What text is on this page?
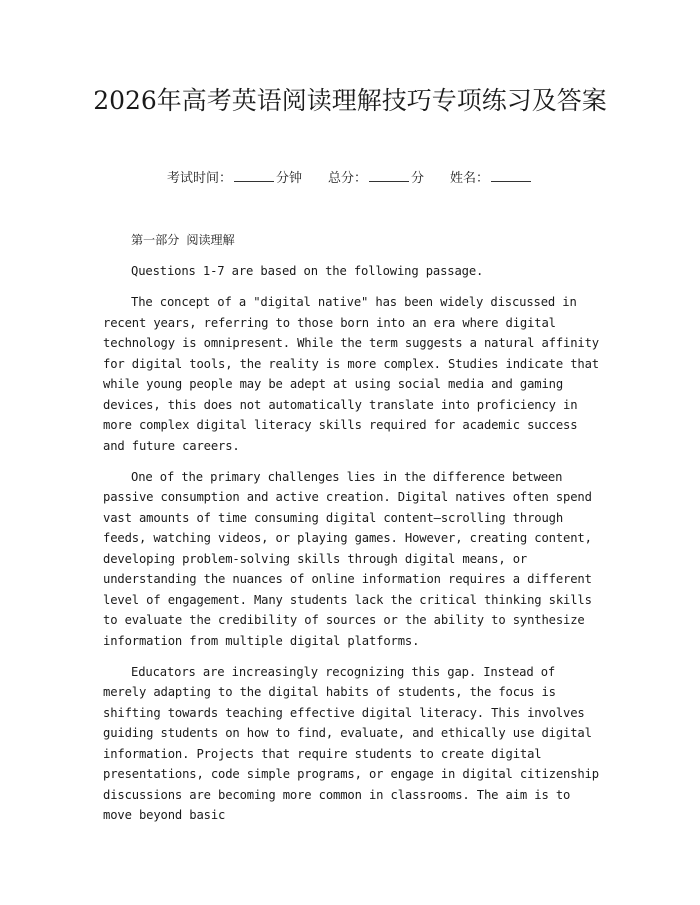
2026年高考英语阅读理解技巧专项练习及答案
考试时间：	分钟 总分：	分 姓名：
第一部分 阅读理解
Questions 1-7 are based on the following passage.

The concept of a "digital native" has been widely discussed in recent years, referring to those born into an era where digital technology is omnipresent. While the term suggests a natural affinity for digital tools, the reality is more complex. Studies indicate that while young people may be adept at using social media and gaming devices, this does not automatically translate into proficiency in more complex digital literacy skills required for academic success and future careers.

One of the primary challenges lies in the difference between passive consumption and active creation. Digital natives often spend vast amounts of time consuming digital content—scrolling through feeds, watching videos, or playing games. However, creating content, developing problem-solving skills through digital means, or understanding the nuances of online information requires a different level of engagement. Many students lack the critical thinking skills to evaluate the credibility of sources or the ability to synthesize information from multiple digital platforms.

Educators are increasingly recognizing this gap. Instead of merely adapting to the digital habits of students, the focus is shifting towards teaching effective digital literacy. This involves guiding students on how to find, evaluate, and ethically use digital information. Projects that require students to create digital presentations, code simple programs, or engage in digital citizenship discussions are becoming more common in classrooms. The aim is to move beyond basic
